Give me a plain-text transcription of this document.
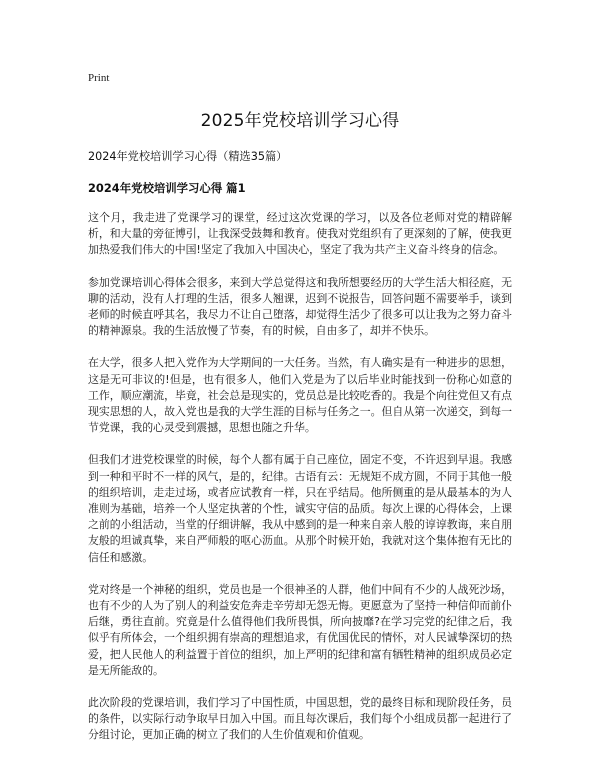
Print

2025年党校培训学习心得

2024年党校培训学习心得（精选35篇）

2024年党校培训学习心得 篇1

这个月，我走进了党课学习的课堂，经过这次党课的学习，以及各位老师对党的精辟解析，和大量的旁征博引，让我深受鼓舞和教育。使我对党组织有了更深刻的了解，使我更加热爱我们伟大的中国!坚定了我加入中国决心，坚定了我为共产主义奋斗终身的信念。

参加党课培训心得体会很多，来到大学总觉得这和我所想要经历的大学生活大相径庭，无聊的活动，没有人打理的生活，很多人翘课，迟到不说报告，回答问题不需要举手，谈到老师的时候直呼其名，我尽力不让自己堕落，却觉得生活少了很多可以让我为之努力奋斗的精神源泉。我的生活放慢了节奏，有的时候，自由多了，却并不快乐。

在大学，很多人把入党作为大学期间的一大任务。当然，有人确实是有一种进步的思想，这是无可非议的!但是，也有很多人，他们入党是为了以后毕业时能找到一份称心如意的工作，顺应潮流，毕竟，社会总是现实的，党员总是比较吃香的。我是个向往党但又有点现实思想的人，故入党也是我的大学生涯的目标与任务之一。但自从第一次递交，到每一节党课，我的心灵受到震撼，思想也随之升华。

但我们才进党校课堂的时候，每个人都有属于自己座位，固定不变，不许迟到早退。我感到一种和平时不一样的风气，是的，纪律。古语有云：无规矩不成方圆，不同于其他一般的组织培训，走走过场，或者应试教育一样，只在乎结局。他所侧重的是从最基本的为人准则为基础，培养一个人坚定执著的个性，诚实守信的品质。每次上课的心得体会，上课之前的小组活动，当堂的仔细讲解，我从中感到的是一种来自亲人般的谆谆教诲，来自朋友般的坦诚真挚，来自严师般的呕心沥血。从那个时候开始，我就对这个集体抱有无比的信任和感激。

党对终是一个神秘的组织，党员也是一个很神圣的人群，他们中间有不少的人战死沙场，也有不少的人为了别人的利益安危奔走辛劳却无怨无悔。更愿意为了坚持一种信仰而前仆后继，勇往直前。究竟是什么值得他们我所畏惧，所向披靡?在学习完党的纪律之后，我似乎有所体会，一个组织拥有崇高的理想追求，有优国优民的情怀，对人民诚挚深切的热爱，把人民他人的利益置于首位的组织，加上严明的纪律和富有牺牲精神的组织成员必定是无所能敌的。

此次阶段的党课培训，我们学习了中国性质，中国思想，党的最终目标和现阶段任务，员的条件，以实际行动争取早日加入中国。而且每次课后，我们每个小组成员都一起进行了分组讨论，更加正确的树立了我们的人生价值观和价值观。
